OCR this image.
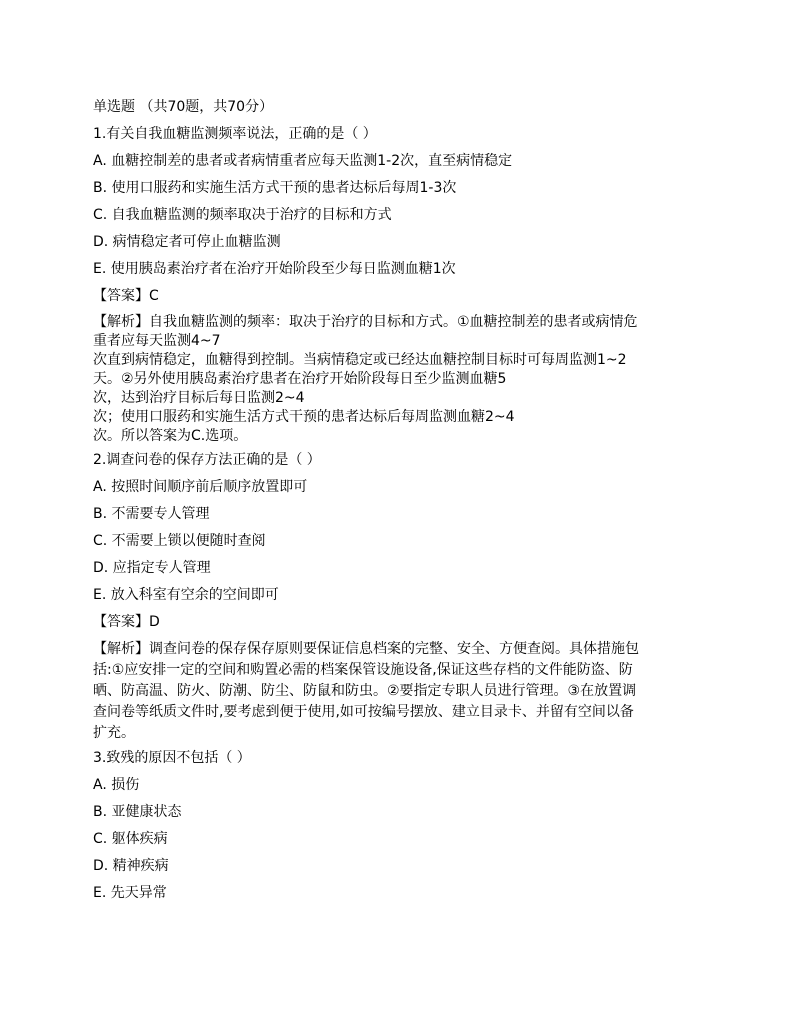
单选题 （共70题，共70分）
1.有关自我血糖监测频率说法，正确的是（ ）
A. 血糖控制差的患者或者病情重者应每天监测1-2次，直至病情稳定
B. 使用口服药和实施生活方式干预的患者达标后每周1-3次
C. 自我血糖监测的频率取决于治疗的目标和方式
D. 病情稳定者可停止血糖监测
E. 使用胰岛素治疗者在治疗开始阶段至少每日监测血糖1次
【答案】C
【解析】自我血糖监测的频率：取决于治疗的目标和方式。①血糖控制差的患者或病情危
重者应每天监测4~7
次直到病情稳定，血糖得到控制。当病情稳定或已经达血糖控制目标时可每周监测1~2
天。②另外使用胰岛素治疗患者在治疗开始阶段每日至少监测血糖5
次，达到治疗目标后每日监测2~4
次；使用口服药和实施生活方式干预的患者达标后每周监测血糖2~4
次。所以答案为C.选项。
2.调查问卷的保存方法正确的是（ ）
A. 按照时间顺序前后顺序放置即可
B. 不需要专人管理
C. 不需要上锁以便随时查阅
D. 应指定专人管理
E. 放入科室有空余的空间即可
【答案】D
【解析】调查问卷的保存保存原则要保证信息档案的完整、安全、方便查阅。具体措施包
括:①应安排一定的空间和购置必需的档案保管设施设备,保证这些存档的文件能防盗、防
晒、防高温、防火、防潮、防尘、防鼠和防虫。②要指定专职人员进行管理。③在放置调
查问卷等纸质文件时,要考虑到便于使用,如可按编号摆放、建立目录卡、并留有空间以备
扩充。
3.致残的原因不包括（ ）
A. 损伤
B. 亚健康状态
C. 躯体疾病
D. 精神疾病
E. 先天异常
